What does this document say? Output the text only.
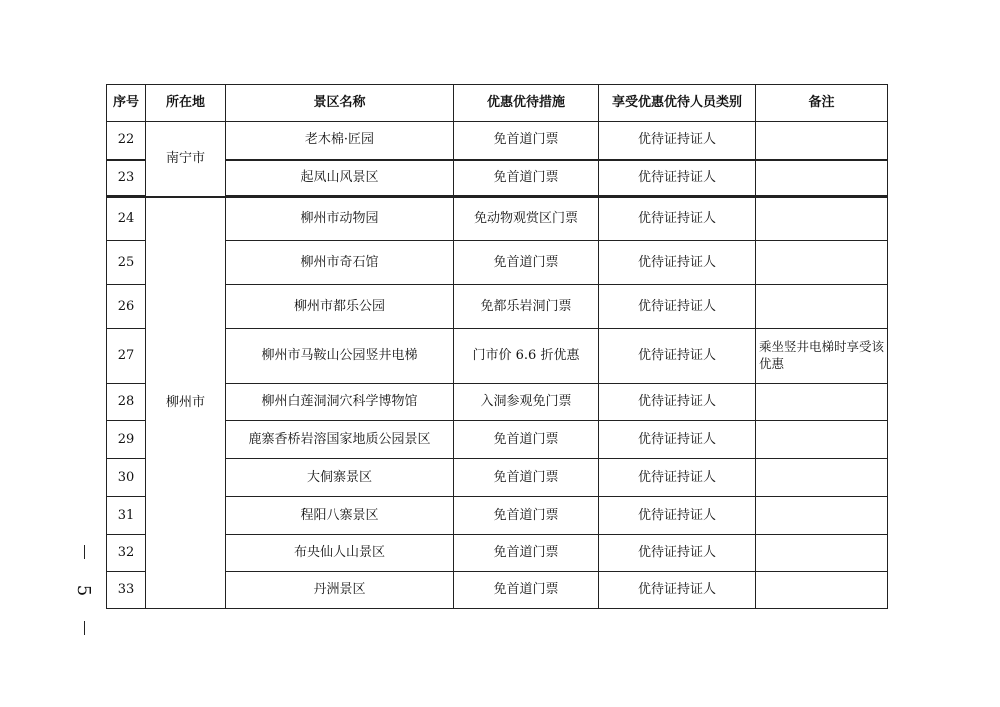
序号	所在地	景区名称	优惠优待措施	享受优惠优待人员类别	备注
22	南宁市	老木棉·匠园	免首道门票	优待证持证人	
23		起凤山风景区	免首道门票	优待证持证人	
24	柳州市	柳州市动物园	免动物观赏区门票	优待证持证人	
25		柳州市奇石馆	免首道门票	优待证持证人	
26		柳州市都乐公园	免都乐岩洞门票	优待证持证人	
27		柳州市马鞍山公园竖井电梯	门市价 6.6 折优惠	优待证持证人	乘坐竖井电梯时享受该优惠
28		柳州白莲洞洞穴科学博物馆	入洞参观免门票	优待证持证人	
29		鹿寨香桥岩溶国家地质公园景区	免首道门票	优待证持证人	
30		大侗寨景区	免首道门票	优待证持证人	
31		程阳八寨景区	免首道门票	优待证持证人	
32		布央仙人山景区	免首道门票	优待证持证人	
33		丹洲景区	免首道门票	优待证持证人	
5
